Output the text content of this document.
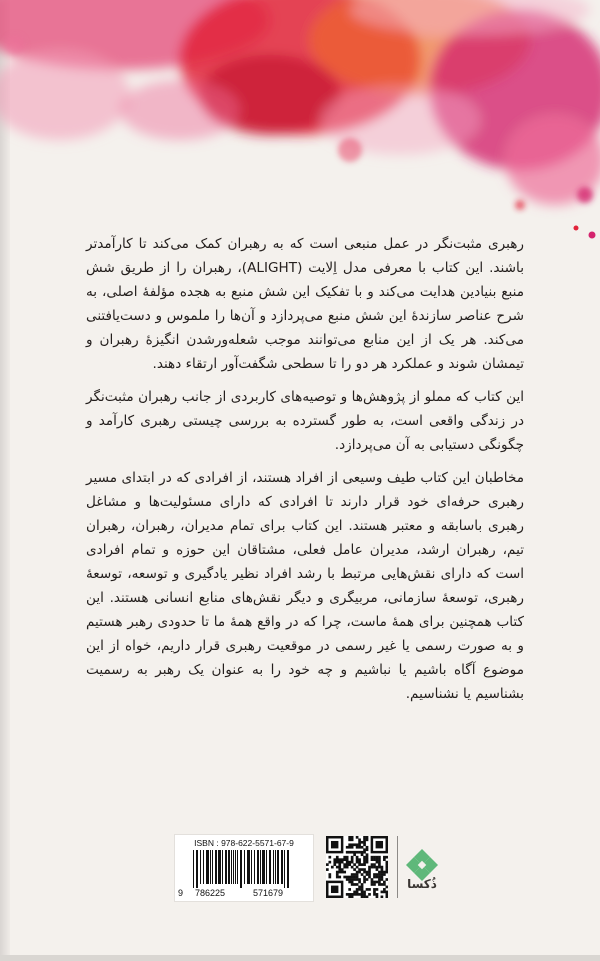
رهبری مثبت‌نگر در عمل منبعی است که به رهبران کمک می‌کند تا کارآمدتر باشند. این کتاب با معرفی مدل اِلایت (ALIGHT)، رهبران را از طریق شش منبع بنیادین هدایت می‌کند و با تفکیک این شش منبع به هجده مؤلفهٔ اصلی، به شرح عناصر سازندهٔ این شش منبع می‌پردازد و آن‌ها را ملموس و دست‌یافتنی می‌کند. هر یک از این منابع می‌توانند موجب شعله‌ورشدن انگیزهٔ رهبران و تیمشان شوند و عملکرد هر دو را تا سطحی شگفت‌آور ارتقاء دهند.

این کتاب که مملو از پژوهش‌ها و توصیه‌های کاربردی از جانب رهبران مثبت‌نگر در زندگی واقعی است، به طور گسترده به بررسی چیستی رهبری کارآمد و چگونگی دستیابی به آن می‌پردازد.

مخاطبان این کتاب طیف وسیعی از افراد هستند، از افرادی که در ابتدای مسیر رهبری حرفه‌ای خود قرار دارند تا افرادی که دارای مسئولیت‌ها و مشاغل رهبری باسابقه و معتبر هستند. این کتاب برای تمام مدیران، رهبران، رهبران تیم، رهبران ارشد، مدیران عامل فعلی، مشتاقان این حوزه و تمام افرادی است که دارای نقش‌هایی مرتبط با رشد افراد نظیر یادگیری و توسعه، توسعهٔ رهبری، توسعهٔ سازمانی، مربیگری و دیگر نقش‌های منابع انسانی هستند. این کتاب همچنین برای همهٔ ماست، چرا که در واقع همهٔ ما تا حدودی رهبر هستیم و به صورت رسمی یا غیر رسمی در موقعیت رهبری قرار داریم، خواه از این موضوع آگاه باشیم یا نباشیم و چه خود را به عنوان یک رهبر به رسمیت بشناسیم یا نشناسیم.

ISBN : 978-622-5571-67-9
9 786225	571679
ذُکسا
